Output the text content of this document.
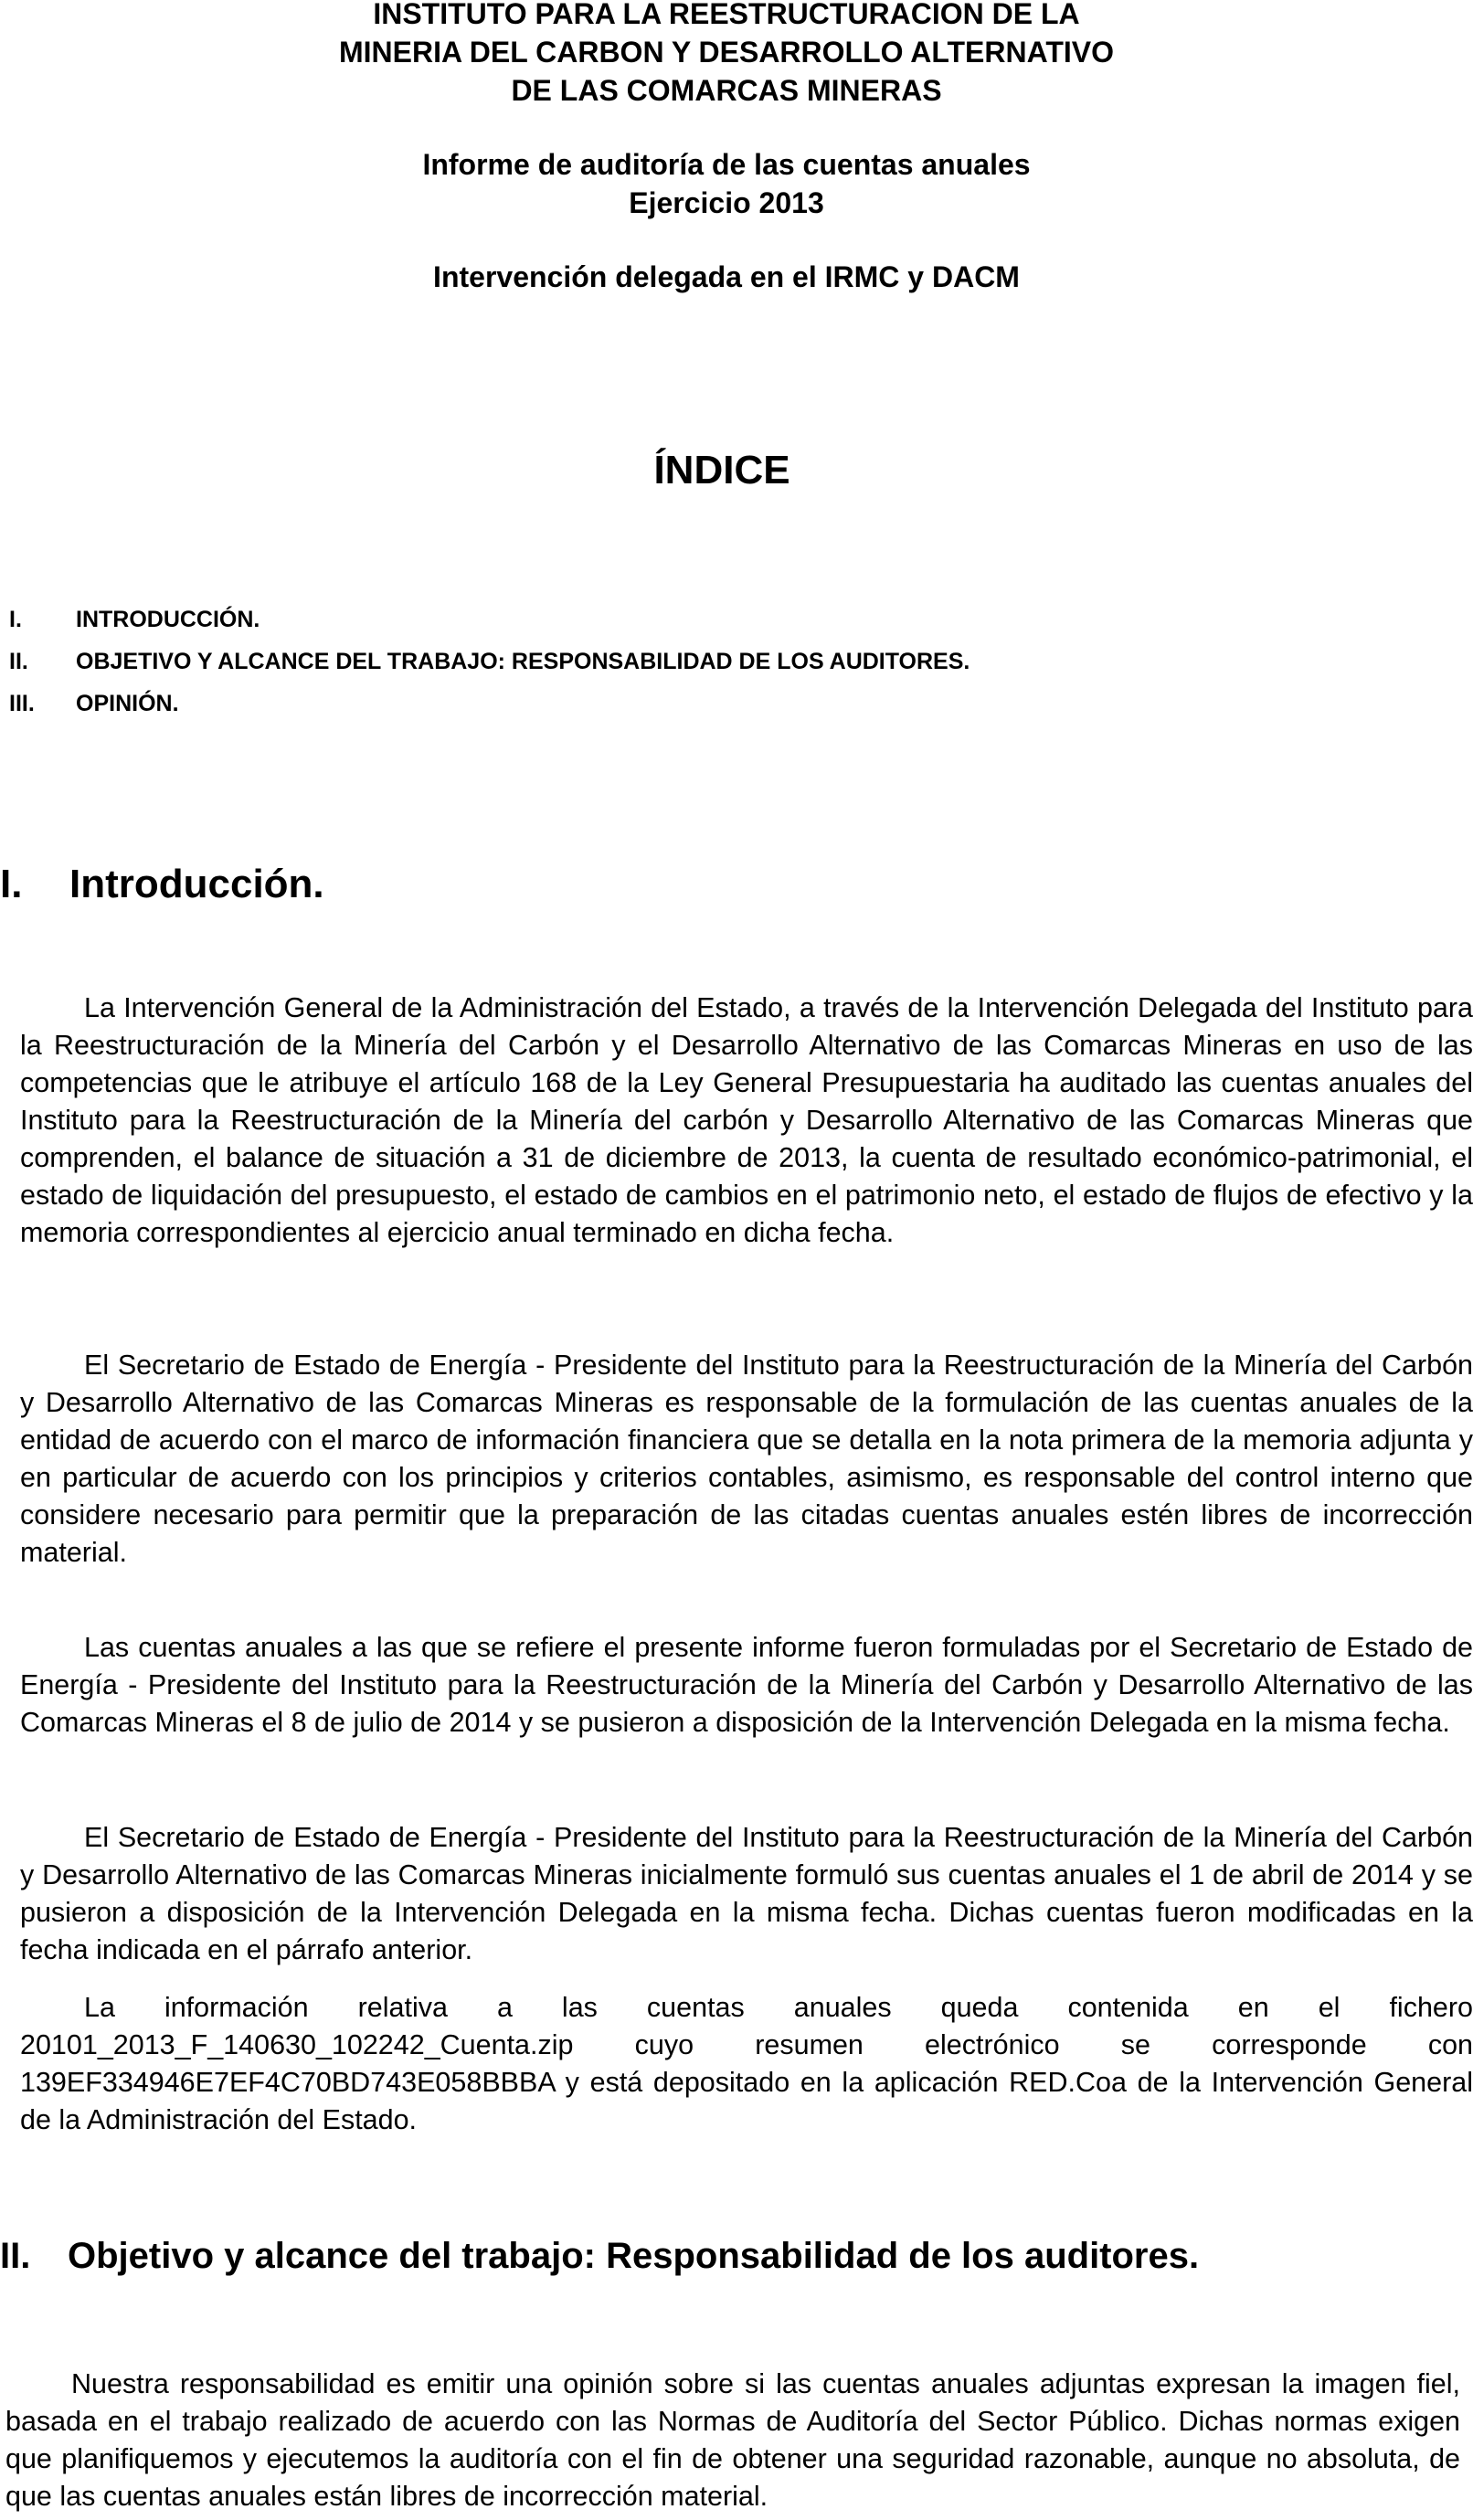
INSTITUTO PARA LA REESTRUCTURACION DE LA
MINERIA DEL CARBON Y DESARROLLO ALTERNATIVO
DE LAS COMARCAS MINERAS
Informe de auditoría de las cuentas anuales
Ejercicio 2013
Intervención delegada en el IRMC y DACM
ÍNDICE
I.	INTRODUCCIÓN.
II.	OBJETIVO Y ALCANCE DEL TRABAJO: RESPONSABILIDAD DE LOS AUDITORES.
III.	OPINIÓN.
I. Introducción.

La Intervención General de la Administración del Estado, a través de la Intervención Delegada del Instituto para la Reestructuración de la Minería del Carbón y el Desarrollo Alternativo de las Comarcas Mineras en uso de las competencias que le atribuye el artículo 168 de la Ley General Presupuestaria ha auditado las cuentas anuales del Instituto para la Reestructuración de la Minería del carbón y Desarrollo Alternativo de las Comarcas Mineras que comprenden, el balance de situación a 31 de diciembre de 2013, la cuenta de resultado económico-patrimonial, el estado de liquidación del presupuesto, el estado de cambios en el patrimonio neto, el estado de flujos de efectivo y la memoria correspondientes al ejercicio anual terminado en dicha fecha.

El Secretario de Estado de Energía - Presidente del Instituto para la Reestructuración de la Minería del Carbón y Desarrollo Alternativo de las Comarcas Mineras es responsable de la formulación de las cuentas anuales de la entidad de acuerdo con el marco de información financiera que se detalla en la nota primera de la memoria adjunta y en particular de acuerdo con los principios y criterios contables, asimismo, es responsable del control interno que considere necesario para permitir que la preparación de las citadas cuentas anuales estén libres de incorrección material.

Las cuentas anuales a las que se refiere el presente informe fueron formuladas por el Secretario de Estado de Energía - Presidente del Instituto para la Reestructuración de la Minería del Carbón y Desarrollo Alternativo de las Comarcas Mineras el 8 de julio de 2014 y se pusieron a disposición de la Intervención Delegada en la misma fecha.

El Secretario de Estado de Energía - Presidente del Instituto para la Reestructuración de la Minería del Carbón y Desarrollo Alternativo de las Comarcas Mineras inicialmente formuló sus cuentas anuales el 1 de abril de 2014 y se pusieron a disposición de la Intervención Delegada en la misma fecha. Dichas cuentas fueron modificadas en la fecha indicada en el párrafo anterior.

La información relativa a las cuentas anuales queda contenida en el fichero 20101_2013_F_140630_102242_Cuenta.zip cuyo resumen electrónico se corresponde con 139EF334946E7EF4C70BD743E058BBBA y está depositado en la aplicación RED.Coa de la Intervención General de la Administración del Estado.

II. Objetivo y alcance del trabajo: Responsabilidad de los auditores.

Nuestra responsabilidad es emitir una opinión sobre si las cuentas anuales adjuntas expresan la imagen fiel, basada en el trabajo realizado de acuerdo con las Normas de Auditoría del Sector Público. Dichas normas exigen que planifiquemos y ejecutemos la auditoría con el fin de obtener una seguridad razonable, aunque no absoluta, de que las cuentas anuales están libres de incorrección material.
